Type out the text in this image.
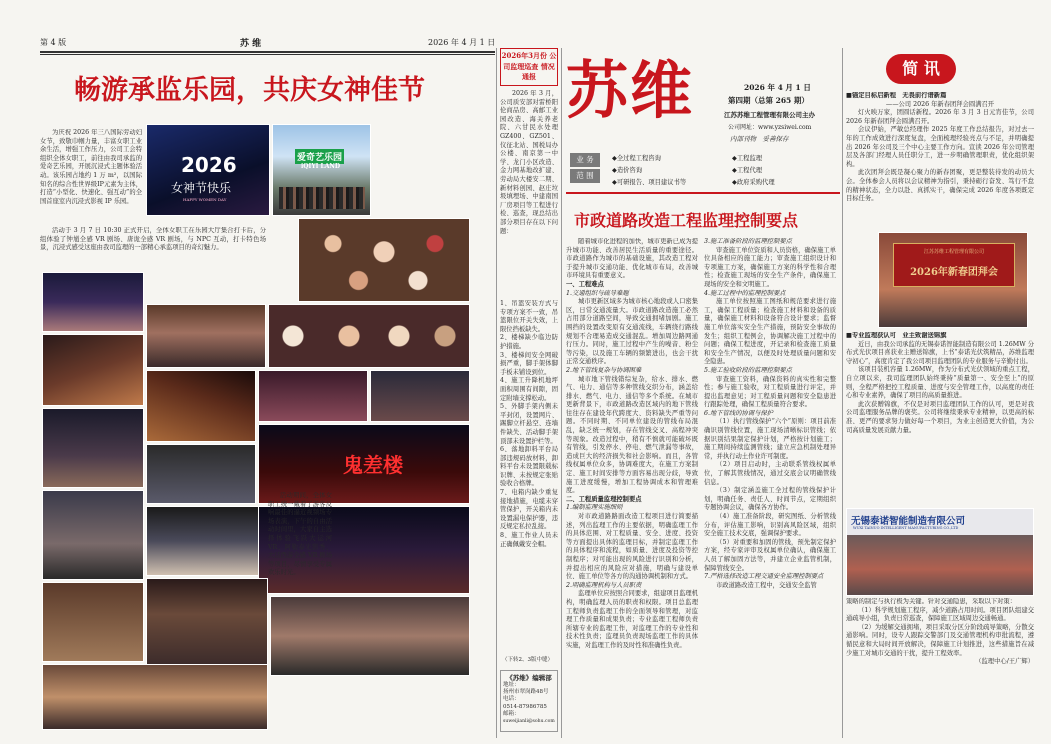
第 4 版	苏 维	2026 年 4 月 1 日
畅游承监乐园，共庆女神佳节
为庆祝 2026 年三八国际劳动妇女节，致敬巾帼力量，丰富女职工业余生活，增强工作压力，公司工会特组织全体女职工，前往由我司承监的爱奇艺乐园，开展沉浸式主题体验活动。该乐园占地约 1 万 m²，以国际知名的综合性世界级IP元素为主体，打造“小型化、快速化、强互动”的全国首座室内沉浸式影视 IP 乐园。
2026
女神节快乐
HAPPY WOMEN DAY
爱奇艺乐园
iQIYI LAND
活动于 3 月 7 日 10:30 正式开启，全体女职工在乐园大厅集合打卡后，分组体验了钟馗全感 VR 剧场、唐诡全感 VR 剧场，与 NPC 互动，打卡特色场景，沉浸式感受这座由我司监理的一部精心承监项目的奇幻魅力。
鬼差楼
活动期间，全体女职工统一戴着了游客反响最佳的逼近视频场专场表演，下午的自由活动时间里，大家自主选择体验飞跃大运河 VR、阿勒泰光影秀、大话西游全感 VR 剧场等项目，尽情享受专属欢乐时光。
2026年3月份 公司监理巡查 情况通报
2026 年 3 月，公司质安部对雷桥阳伦商品房、高邮工业园改造、海关养老院、六甘民水处理 GZ400、GZ501、仪征北站、国税局办公楼、南京第一中学、龙门小区改造、金力网基地改扩建、劳动局大楼安二期、新材料创园、赵庄垃圾填埋场、中建南国厂房项目等工程进行检、巡查，现总结出部分项目存在以下问题：
1、吊篮安装方式与专项方案不一致，吊篮限位开关失效，上限位挡板缺失。
2、楼梯缺少临边防护措施。
3、楼梯间安全网破损严重，脚手架体脚手板未铺设到位。
4、施工升降机地坪面积周围有间隙，固定附墙支撑松动。
5、外脚手架内侧未平封闭，设置网片、踢脚立杆悬空、连墙件缺失、活动脚手架顶部未设置护栏等。
6、落地卸料平台局部违规码放材料，卸料平台未设置限载标识牌、未按规定张贴验收合格牌。
7、电箱内缺少重复接地措施，电缆未穿管保护，开关箱内未设置漏电保护器，违反规定私拉乱接。
8、施工作业人员未正确佩戴安全帽。
（下转2、3版中缝）
《苏维》编辑部
地址：
扬州市翠岗路48号
电话：
0514-87986785
邮箱：
suweijianli@sohu.com
苏维	2026 年 4 月 1 日
第四期（总第 265 期）
江苏苏维工程管理有限公司主办
公司网址：www.yzsiwei.com
内部刊物　妥善保存
业 务
范 围
◆全过程工程咨询	◆工程监理
◆造价咨询	◆工程代理
◆可研报告、项目建议书等	◆政府采购代理
市政道路改造工程监理控制要点
随着城市化进程的加快，城市更新已成为提升城市功能、改善居民生活质量的重要途径。市政道路作为城市的基础设施，其改造工程对于提升城市交通功能、优化城市布局，改善城市环境具有重要意义。
一、工程难点
1.交通组织与疏导难题
城市更新区域多为城市核心地段或人口密集区，日常交通流量大。市政道路改造施工必然占用部分道路空间，导致交通拥堵加剧。施工围挡的设置改变原有交通流线，车辆绕行路线规划不合理易造成交通混乱。增加周边路网通行压力。同时，施工过程中产生的噪音、粉尘等污染，以及施工车辆的频繁进出，也会干扰正常交通秩序。
2.地下管线复杂与协调困难
城市地下管线错综复杂，给水、排水、燃气、电力、通信等多种管线交织分布，涵盖给排水、燃气、电力、通信等多个系统。在城市更新背景下，市政道路改造区域内的地下管线往往存在建设年代跨度大、资料缺失严重等问题。不同时期、不同单位建设的管线布局混乱，缺乏统一规划，存在管线交叉、高程冲突等现象。改造过程中，稍有不慎就可能破坏既有管线，引发停水、停电、燃气泄漏等事故，造成巨大的经济损失和社会影响。而且，各管线权属单位众多，协调难度大，在施工方案制定、施工时间安排等方面容易出现分歧，导致施工进度缓慢，增加工程协调成本和管理难度。
二、工程质量监理控制要点
1.编制监理实施细则
对市政道路路面改造工程项目进行简要描述，列出监理工作的主要依据，明确监理工作的具体范围、对工程质量、安全、进度、投资等方面提出具体的监理目标，并制定监理工作的具体程序和流程，如质量、进度及投资等控制程序；对可能出现的风险进行识别和分析，并提出相应的风险应对措施，明确与建设单位、施工单位等各方的沟通协调机制和方式。
2.明确监理机构与人员职责
监理单位应按照合同要求，组建项目监理机构，明确监理人员的职责和权限。项目总监理工程师负责监理工作的全面领导和管理，对监理工作质量和成果负责；专业监理工程师负责所辖专业的监理工作，对监理工作的专业性和技术性负责；监理员负责现场监理工作的具体实施，对监理工作的及时性和准确性负责。
3.施工准备阶段的监理控制要点
审查施工单位资质和人员资格，确保施工单位具备相应的施工能力；审查施工组织设计和专项施工方案，确保施工方案的科学性和合理性；检查施工现场的安全生产条件，确保施工现场的安全和文明施工。
4.施工过程中的监理控制要点
施工单位按照施工图纸和规范要求进行施工，确保工程质量；检查施工材料和设备的质量，确保施工材料和设备符合设计要求；监督施工单位落实安全生产措施，预防安全事故的发生；组织工程例会，协调解决施工过程中的问题；确保工程进度，开记录和检查施工质量和安全生产情况，以便及时处理质量问题和安全隐患。
5.施工验收阶段的监理控制要点
审查施工资料，确保资料的真实性和完整性；参与施工验收，对工程质量进行评定，并提出监理意见；对工程质量问题和安全隐患进行跟踪处理，确保工程质量符合要求。
6.地下管线的协调与保护
（1）执行管线保护“六个”原则：项目前准确识别管线位置，施工现场清晰标识管线；依据识别结果制定保护计划，严格按计划施工；施工期间持续监测管线；建立应急机制处理异常，并执行动土作业许可制度。
（2）项目启动时，主动联系管线权属单位，了解其管线情况，通过交底会议明确管线信息。
（3）制定涵盖施工全过程的管线保护计划，明确任务、责任人、时间节点，定期组织专题协调会议，确保各方协作。
（4）施工准备阶段，研究图纸、分析管线分布，评估施工影响，识别高风险区域，组织安全施工技术交底，强调保护要求。
（5）对重要和加固的管线，预先制定保护方案，经专家评审及权属单位确认，确保施工人员了解加固方法等，并建立企业监管机制，保障管线安全。
7.严格选择改造工程交通安全监理控制要点
市政道路改造工程中，交通安全监管
简 讯
■锚定目标启新程　无畏前行谱新篇
——公司 2026 年新春团拜会圆满召开
灯火映万家，团圆话新程。2026 年 3 月 3 日元宵佳节，公司 2026 年新春团拜会圆满召开。
会议伊始，严敏总经理作 2025 年度工作总结报告，对过去一年的工作成效进行深度复盘，全面梳理经验亮点与不足，并明确提出 2026 年公司及三个中心主要工作方向。宣读 2026 年公司管理层及各部门经理人员任职分工，进一步明确管理职责，优化组织架构。
此次团拜会既是凝心聚力的新春团聚，更是整装待发的动员大会。全体参会人员将以会议精神为指引，秉持砺行奋发、笃行不怠的精神状态，全力以赴、真抓实干，确保完成 2026 年度各项既定目标任务。
江苏苏维工程管理有限公司
2026年新春团拜会
■专业监理获认可　业主致谢送锦旗
近日，由我公司承监的无锡泰诺智能制造有限公司 1.26MW 分布式光伏项目喜获业主赠送锦旗，上书“泰诺光伏筑精品，苏维监理守初心”，高度肯定了我公司项目监理团队的专业服务与辛勤付出。
该项目装机容量 1.26MW，作为分布式光伏领域的重点工程，自立项以来，我司监理团队始终秉持“质量第一、安全至上”的原则，全程严格把控工程质量、进度与安全管理工作，以高度的责任心和专业素养，确保了项目的高质量推进。
此次获赠锦旗，不仅是对项目监理团队工作的认可，更是对我公司监理服务品牌的褒奖。公司将继续秉承专业精神，以更高的标准、更严的要求努力做好每一个项目，为业主创造更大价值，为公司高质量发展贡献力量。
无锡泰诺智能制造有限公司
WUXI TAINUO INTELLIGENT MANUFACTURING CO.,LTD
策略的制定与执行极为关键。针对交通隐患，采取以下对策：
（1）科学规划施工程序，减少道路占用时间。项目团队组建交通疏导小组，负责日常巡查，保障施工区域周边交通畅通。
（2）为缓解交通拥堵，项目采取分区分阶段疏导策略，分散交通影响。同时，设专人跟踪交警部门及交通管理机构审批流程，遵循民意和大局时间开放解决，保障施工计划推进，这些措施旨在减少施工对城市交通的干扰，提升工程效率。
（监理中心/王广辉）
